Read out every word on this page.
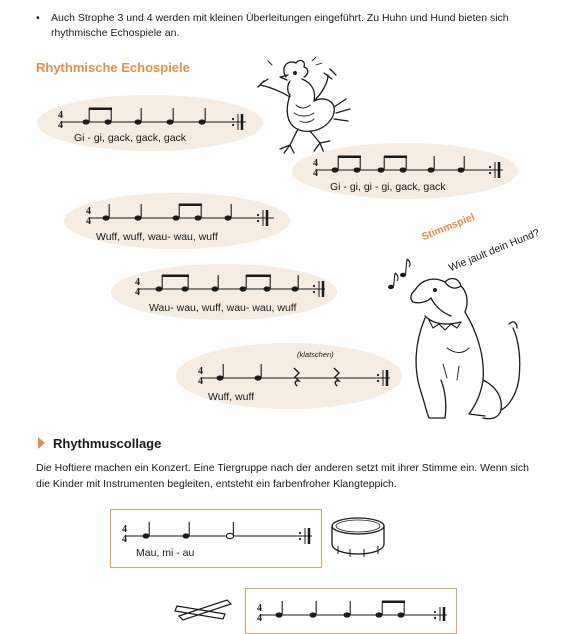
• Auch Strophe 3 und 4 werden mit kleinen Überleitungen eingeführt. Zu Huhn und Hund bieten sich rhythmische Echospiele an.
Rhythmische Echospiele
4
4
Gi - gi, gack, gack, gack
4
4
Gi - gi, gi - gi, gack, gack
4
4
Wuff, wuff, wau- wau, wuff
4
4
Wau- wau, wuff, wau- wau, wuff
(klatschen)
4
4
Wuff, wuff
Stimmspiel
Wie jault dein Hund?
Rhythmuscollage
Die Hoftiere machen ein Konzert. Eine Tiergruppe nach der anderen setzt mit ihrer Stimme ein. Wenn sich die Kinder mit Instrumenten begleiten, entsteht ein farbenfroher Klangteppich.
4
4
Mau, mi - au
4
4
